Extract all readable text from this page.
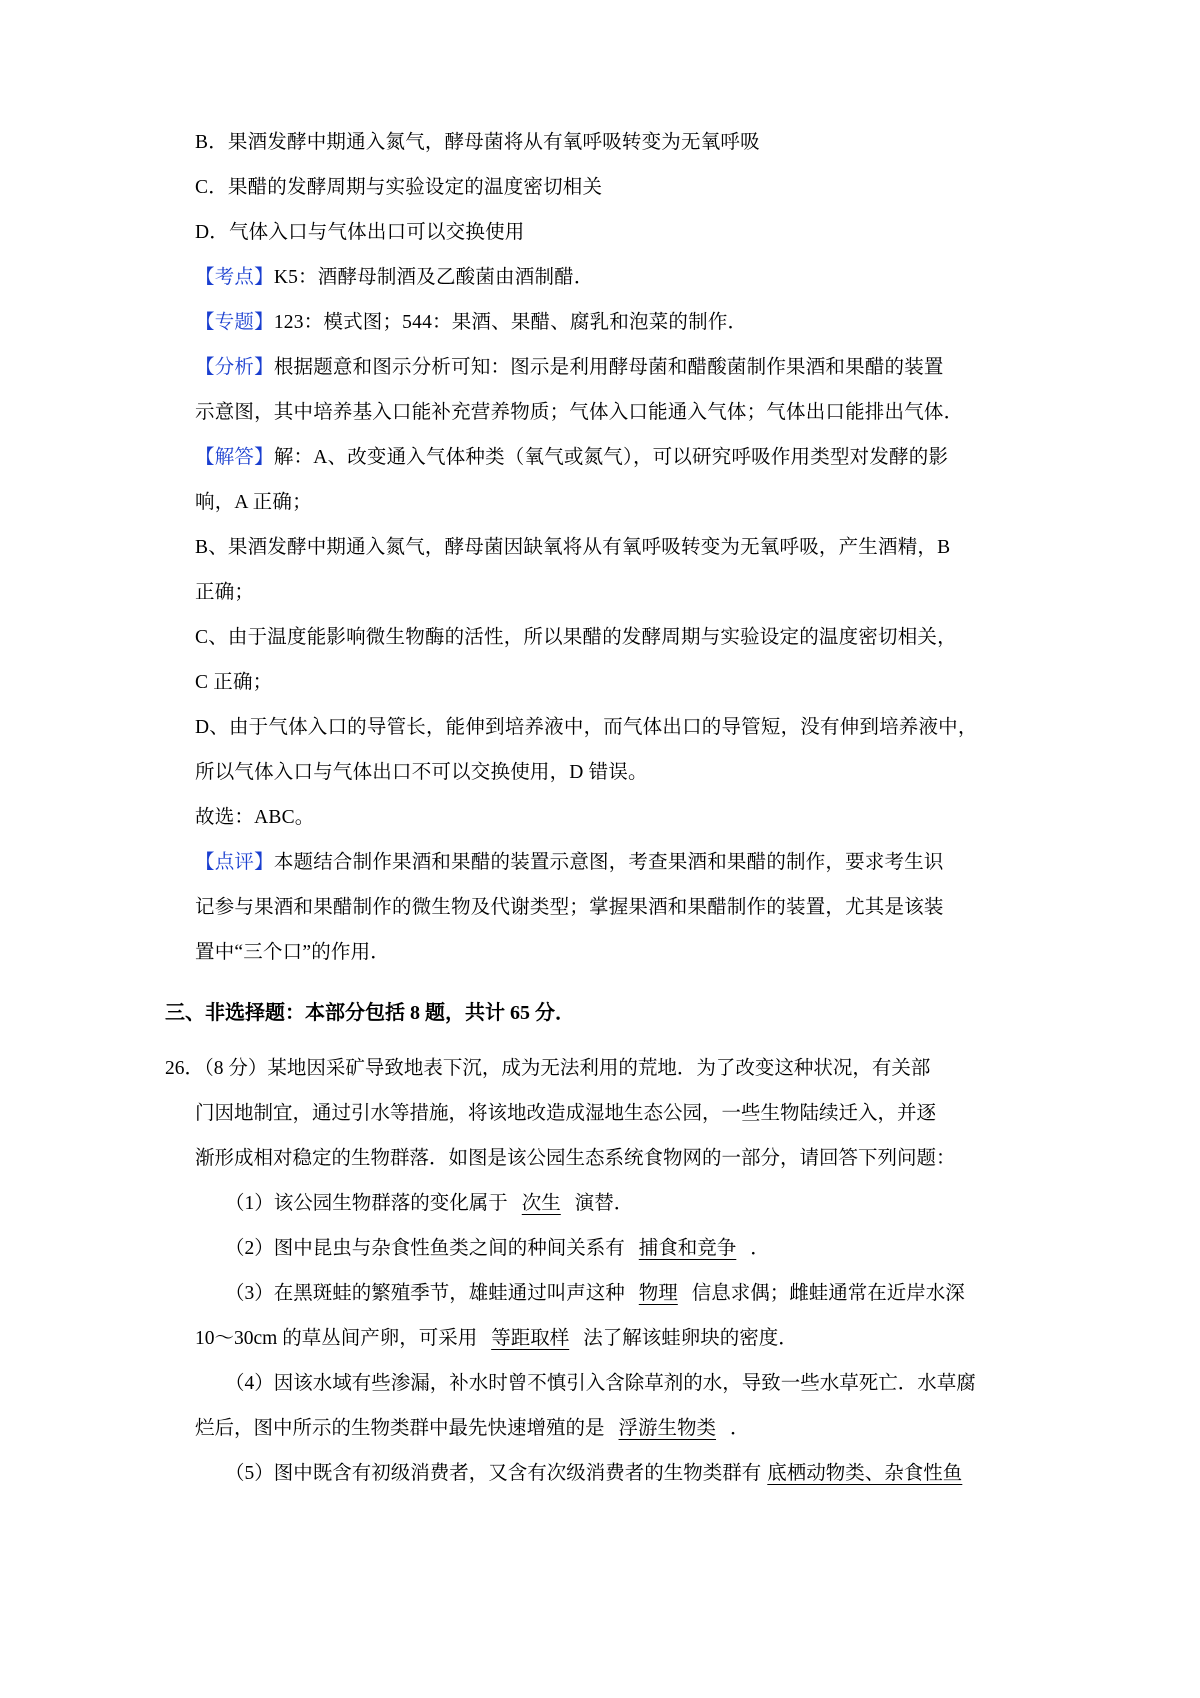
B．果酒发酵中期通入氮气，酵母菌将从有氧呼吸转变为无氧呼吸
C．果醋的发酵周期与实验设定的温度密切相关
D．气体入口与气体出口可以交换使用
【考点】K5：酒酵母制酒及乙酸菌由酒制醋．
【专题】123：模式图；544：果酒、果醋、腐乳和泡菜的制作．
【分析】根据题意和图示分析可知：图示是利用酵母菌和醋酸菌制作果酒和果醋的装置
示意图，其中培养基入口能补充营养物质；气体入口能通入气体；气体出口能排出气体．
【解答】解：A、改变通入气体种类（氧气或氮气），可以研究呼吸作用类型对发酵的影
响，A 正确；
B、果酒发酵中期通入氮气，酵母菌因缺氧将从有氧呼吸转变为无氧呼吸，产生酒精，B
正确；
C、由于温度能影响微生物酶的活性，所以果醋的发酵周期与实验设定的温度密切相关，
C 正确；
D、由于气体入口的导管长，能伸到培养液中，而气体出口的导管短，没有伸到培养液中，
所以气体入口与气体出口不可以交换使用，D 错误。
故选：ABC。
【点评】本题结合制作果酒和果醋的装置示意图，考查果酒和果醋的制作，要求考生识
记参与果酒和果醋制作的微生物及代谢类型；掌握果酒和果醋制作的装置，尤其是该装
置中“三个口”的作用．
三、非选择题：本部分包括 8 题，共计 65 分．
26．（8 分）某地因采矿导致地表下沉，成为无法利用的荒地．为了改变这种状况，有关部
门因地制宜，通过引水等措施，将该地改造成湿地生态公园，一些生物陆续迁入，并逐
渐形成相对稳定的生物群落．如图是该公园生态系统食物网的一部分，请回答下列问题：
（1）该公园生物群落的变化属于 次生 演替．
（2）图中昆虫与杂食性鱼类之间的种间关系有 捕食和竞争 ．
（3）在黑斑蛙的繁殖季节，雄蛙通过叫声这种 物理 信息求偶；雌蛙通常在近岸水深
10～30cm 的草丛间产卵，可采用 等距取样 法了解该蛙卵块的密度．
（4）因该水域有些渗漏，补水时曾不慎引入含除草剂的水，导致一些水草死亡．水草腐
烂后，图中所示的生物类群中最先快速增殖的是 浮游生物类 ．
（5）图中既含有初级消费者，又含有次级消费者的生物类群有 底栖动物类、杂食性鱼
